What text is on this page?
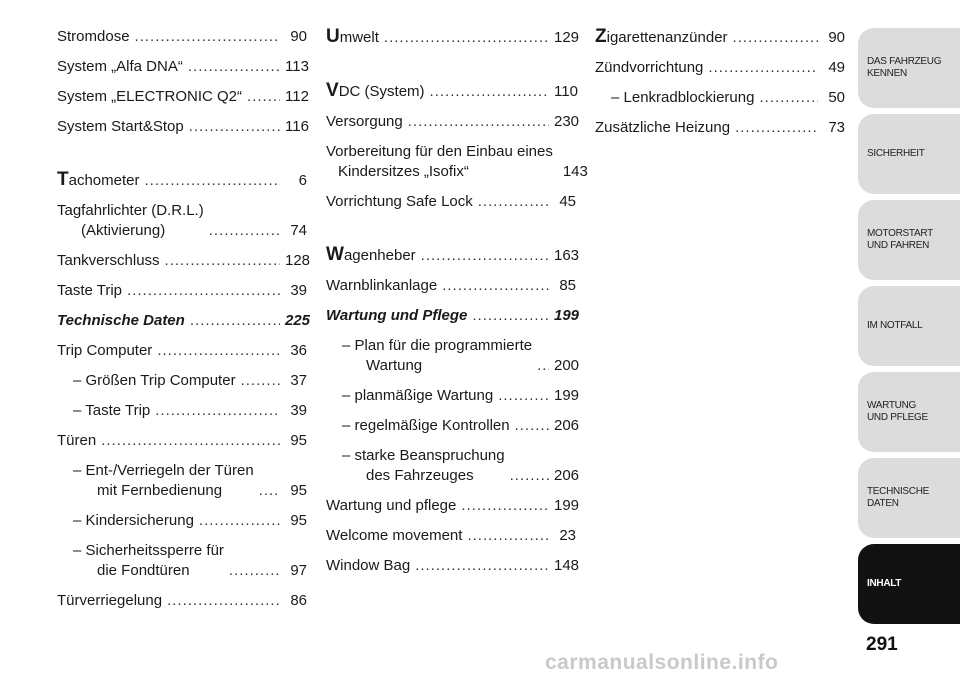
Stromdose .....	90
System „Alfa DNA“ .....	113
System „ELECTRONIC Q2“ .....	112
System Start&Stop .....	116
Tachometer .....	6
Tagfahrlichter (D.R.L.)
(Aktivierung) .....	74
Tankverschluss .....	128
Taste Trip .....	39
Technische Daten .....	225
Trip Computer .....	36
– Größen Trip Computer .....	37
– Taste Trip .....	39
Türen .....	95
– Ent-/Verriegeln der Türen
mit Fernbedienung .....	95
– Kindersicherung .....	95
– Sicherheitssperre für
die Fondtüren .....	97
Türverriegelung .....	86
Umwelt .....	129
VDC (System) .....	110
Versorgung .....	230
Vorbereitung für den Einbau eines
Kindersitzes „Isofix“	143
Vorrichtung Safe Lock .....	45
Wagenheber .....	163
Warnblinkanlage .....	85
Wartung und Pflege .....	199
– Plan für die programmierte
Wartung .....	200
– planmäßige Wartung .....	199
– regelmäßige Kontrollen .....	206
– starke Beanspruchung
des Fahrzeuges .....	206
Wartung und pflege .....	199
Welcome movement .....	23
Window Bag .....	148
Zigarettenanzünder .....	90
Zündvorrichtung .....	49
– Lenkradblockierung .....	50
Zusätzliche Heizung .....	73
DAS FAHRZEUG
KENNEN
SICHERHEIT
MOTORSTART
UND FAHREN
IM NOTFALL
WARTUNG
UND PFLEGE
TECHNISCHE
DATEN
INHALT
291
carmanualsonline.info
